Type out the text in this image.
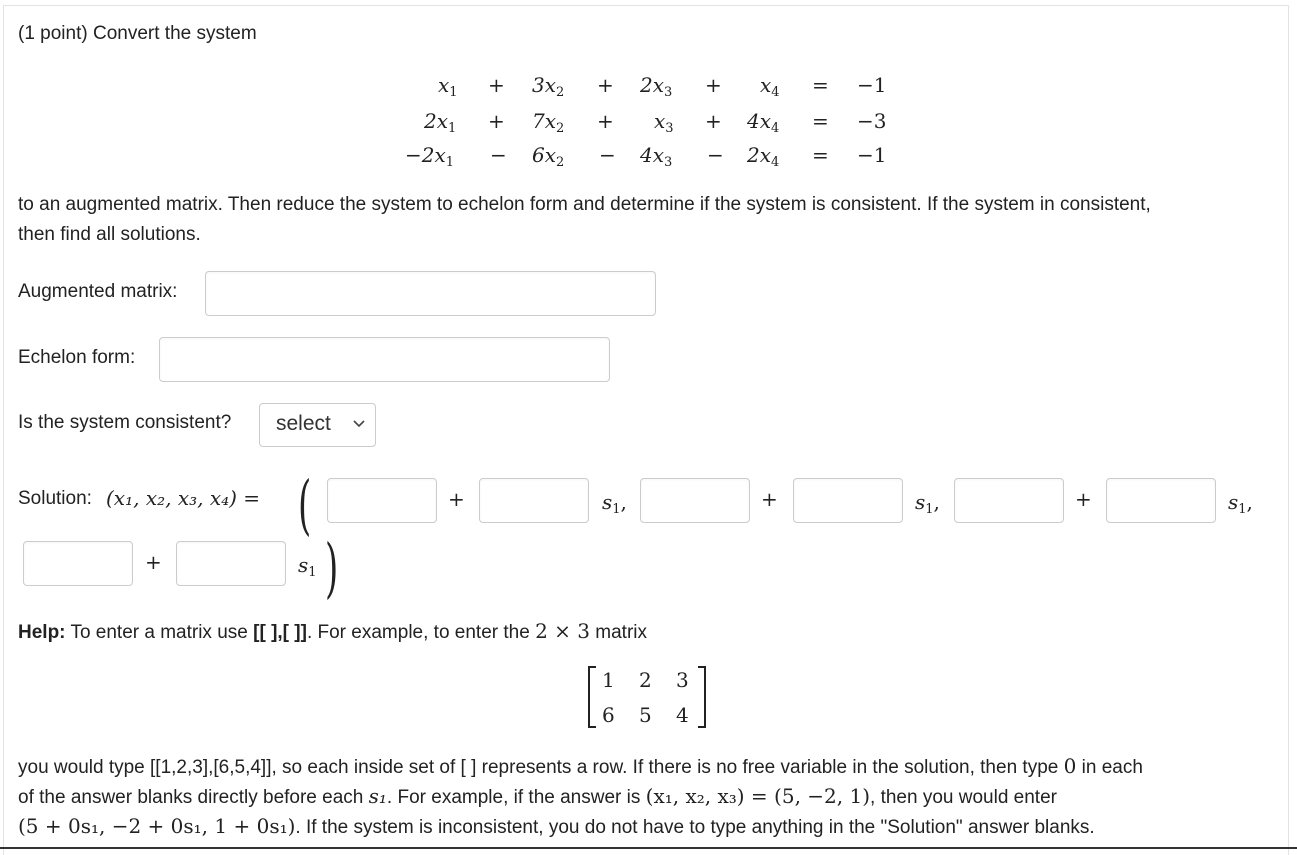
(1 point) Convert the system
$x_1 + 3x_2 + 2x_3 + x_4 = -1$
$2x_1 + 7x_2 + x_3 + 4x_4 = -3$
$-2x_1 - 6x_2 - 4x_3 - 2x_4 = -1$
to an augmented matrix. Then reduce the system to echelon form and determine if the system is consistent. If the system in consistent,
then find all solutions.
Augmented matrix:
Echelon form:
Is the system consistent?	select
Solution: (x₁, x₂, x₃, x₄) = (	+	$s_1$,	+	$s_1$,	+	$s_1$,
+	$s_1$ )
Help: To enter a matrix use [[ ],[ ]]. For example, to enter the 2 × 3 matrix
1 2 3
6 5 4
you would type [[1,2,3],[6,5,4]], so each inside set of [ ] represents a row. If there is no free variable in the solution, then type 0 in each
of the answer blanks directly before each s₁. For example, if the answer is (x₁, x₂, x₃) = (5, −2, 1), then you would enter
(5 + 0s₁, −2 + 0s₁, 1 + 0s₁). If the system is inconsistent, you do not have to type anything in the "Solution" answer blanks.
